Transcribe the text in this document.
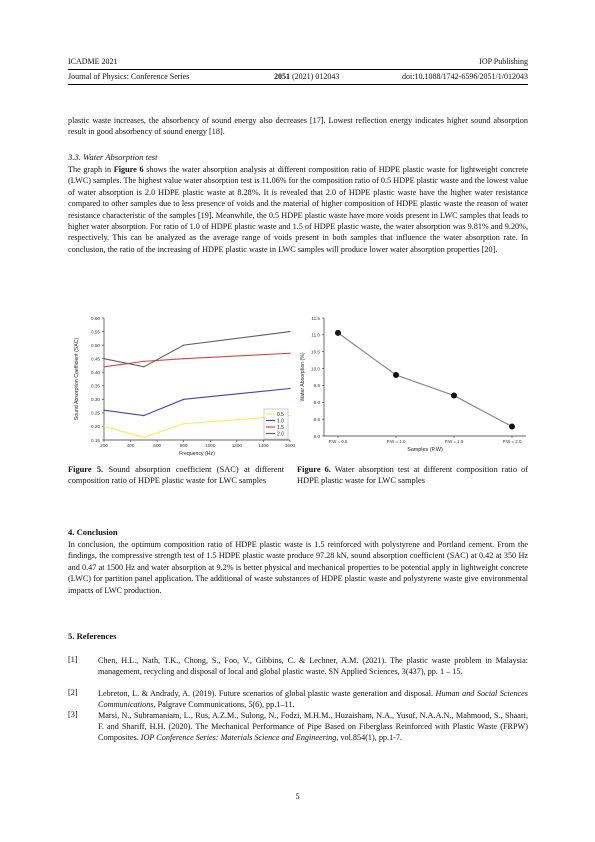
ICADME 2021	IOP Publishing
Journal of Physics: Conference Series	2051 (2021) 012043	doi:10.1088/1742-6596/2051/1/012043

plastic waste increases, the absorbency of sound energy also decreases [17]. Lowest reflection energy indicates higher sound absorption result in good absorbency of sound energy [18].

3.3. Water Absorption test

The graph in Figure 6 shows the water absorption analysis at different composition ratio of HDPE plastic waste for lightweight concrete (LWC) samples. The highest value water absorption test is 11.06% for the composition ratio of 0.5 HDPE plastic waste and the lowest value of water absorption is 2.0 HDPE plastic waste at 8.28%. It is revealed that 2.0 of HDPE plastic waste have the higher water resistance compared to other samples due to less presence of voids and the material of higher composition of HDPE plastic waste the reason of water resistance characteristic of the samples [19]. Meanwhile, the 0.5 HDPE plastic waste have more voids present in LWC samples that leads to higher water absorption. For ratio of 1.0 of HDPE plastic waste and 1.5 of HDPE plastic waste, the water absorption was 9.81% and 9.20%, respectively. This can be analyzed as the average range of voids present in both samples that influence the water absorption rate. In conclusion, the ratio of the increasing of HDPE plastic waste in LWC samples will produce lower water absorption properties [20].

0.15
0.20
0.25
0.30
0.35
0.40
0.45
0.50
0.55
0.60
200	400	600	800	1000	1200	1400	1600
Frequency (Hz)
Sound Absorption Coefficient (SAC)	0.5
1.0
1.5
2.0	8.0
8.5
9.0
9.5
10.0
10.5
11.0
11.5
P.W = 0.5	P.W = 1.0	P.W = 1.5	P.W = 2.0
Samples (P.W)
Water Absorption (%)
Figure 5. Sound absorption coefficient (SAC) at different composition ratio of HDPE plastic waste for LWC samples
Figure 6. Water absorption test at different composition ratio of HDPE plastic waste for LWC samples

4. Conclusion

In conclusion, the optimum composition ratio of HDPE plastic waste is 1.5 reinforced with polystyrene and Portland cement. From the findings, the compressive strength test of 1.5 HDPE plastic waste produce 97.28 kN, sound absorption coefficient (SAC) at 0.42 at 350 Hz and 0.47 at 1500 Hz and water absorption at 9.2% is better physical and mechanical properties to be potential apply in lightweight concrete (LWC) for partition panel application. The additional of waste substances of HDPE plastic waste and polystyrene waste give environmental impacts of LWC production.

5. References

[1] Chen, H.L., Nath, T.K., Chong, S., Foo, V., Gibbins, C. & Lechner, A.M. (2021). The plastic waste problem in Malaysia: management, recycling and disposal of local and global plastic waste. SN Applied Sciences, 3(437), pp. 1 – 15.
[2] Lebreton, L. & Andrady, A. (2019). Future scenarios of global plastic waste generation and disposal. Human and Social Sciences Communications, Palgrave Communications, 5(6), pp.1–11.
[3] Marsi, N., Subramaniam, L., Rus, A.Z.M., Sulong, N., Fodzi, M.H.M., Huzaisham, N.A., Yusuf, N.A.A.N., Mahmood, S., Shaari, F. and Shariff, H.H. (2020). The Mechanical Performance of Pipe Based on Fiberglass Reinforced with Plastic Waste (FRPW) Composites. IOP Conference Series: Materials Science and Engineering, vol.854(1), pp.1-7.
5
